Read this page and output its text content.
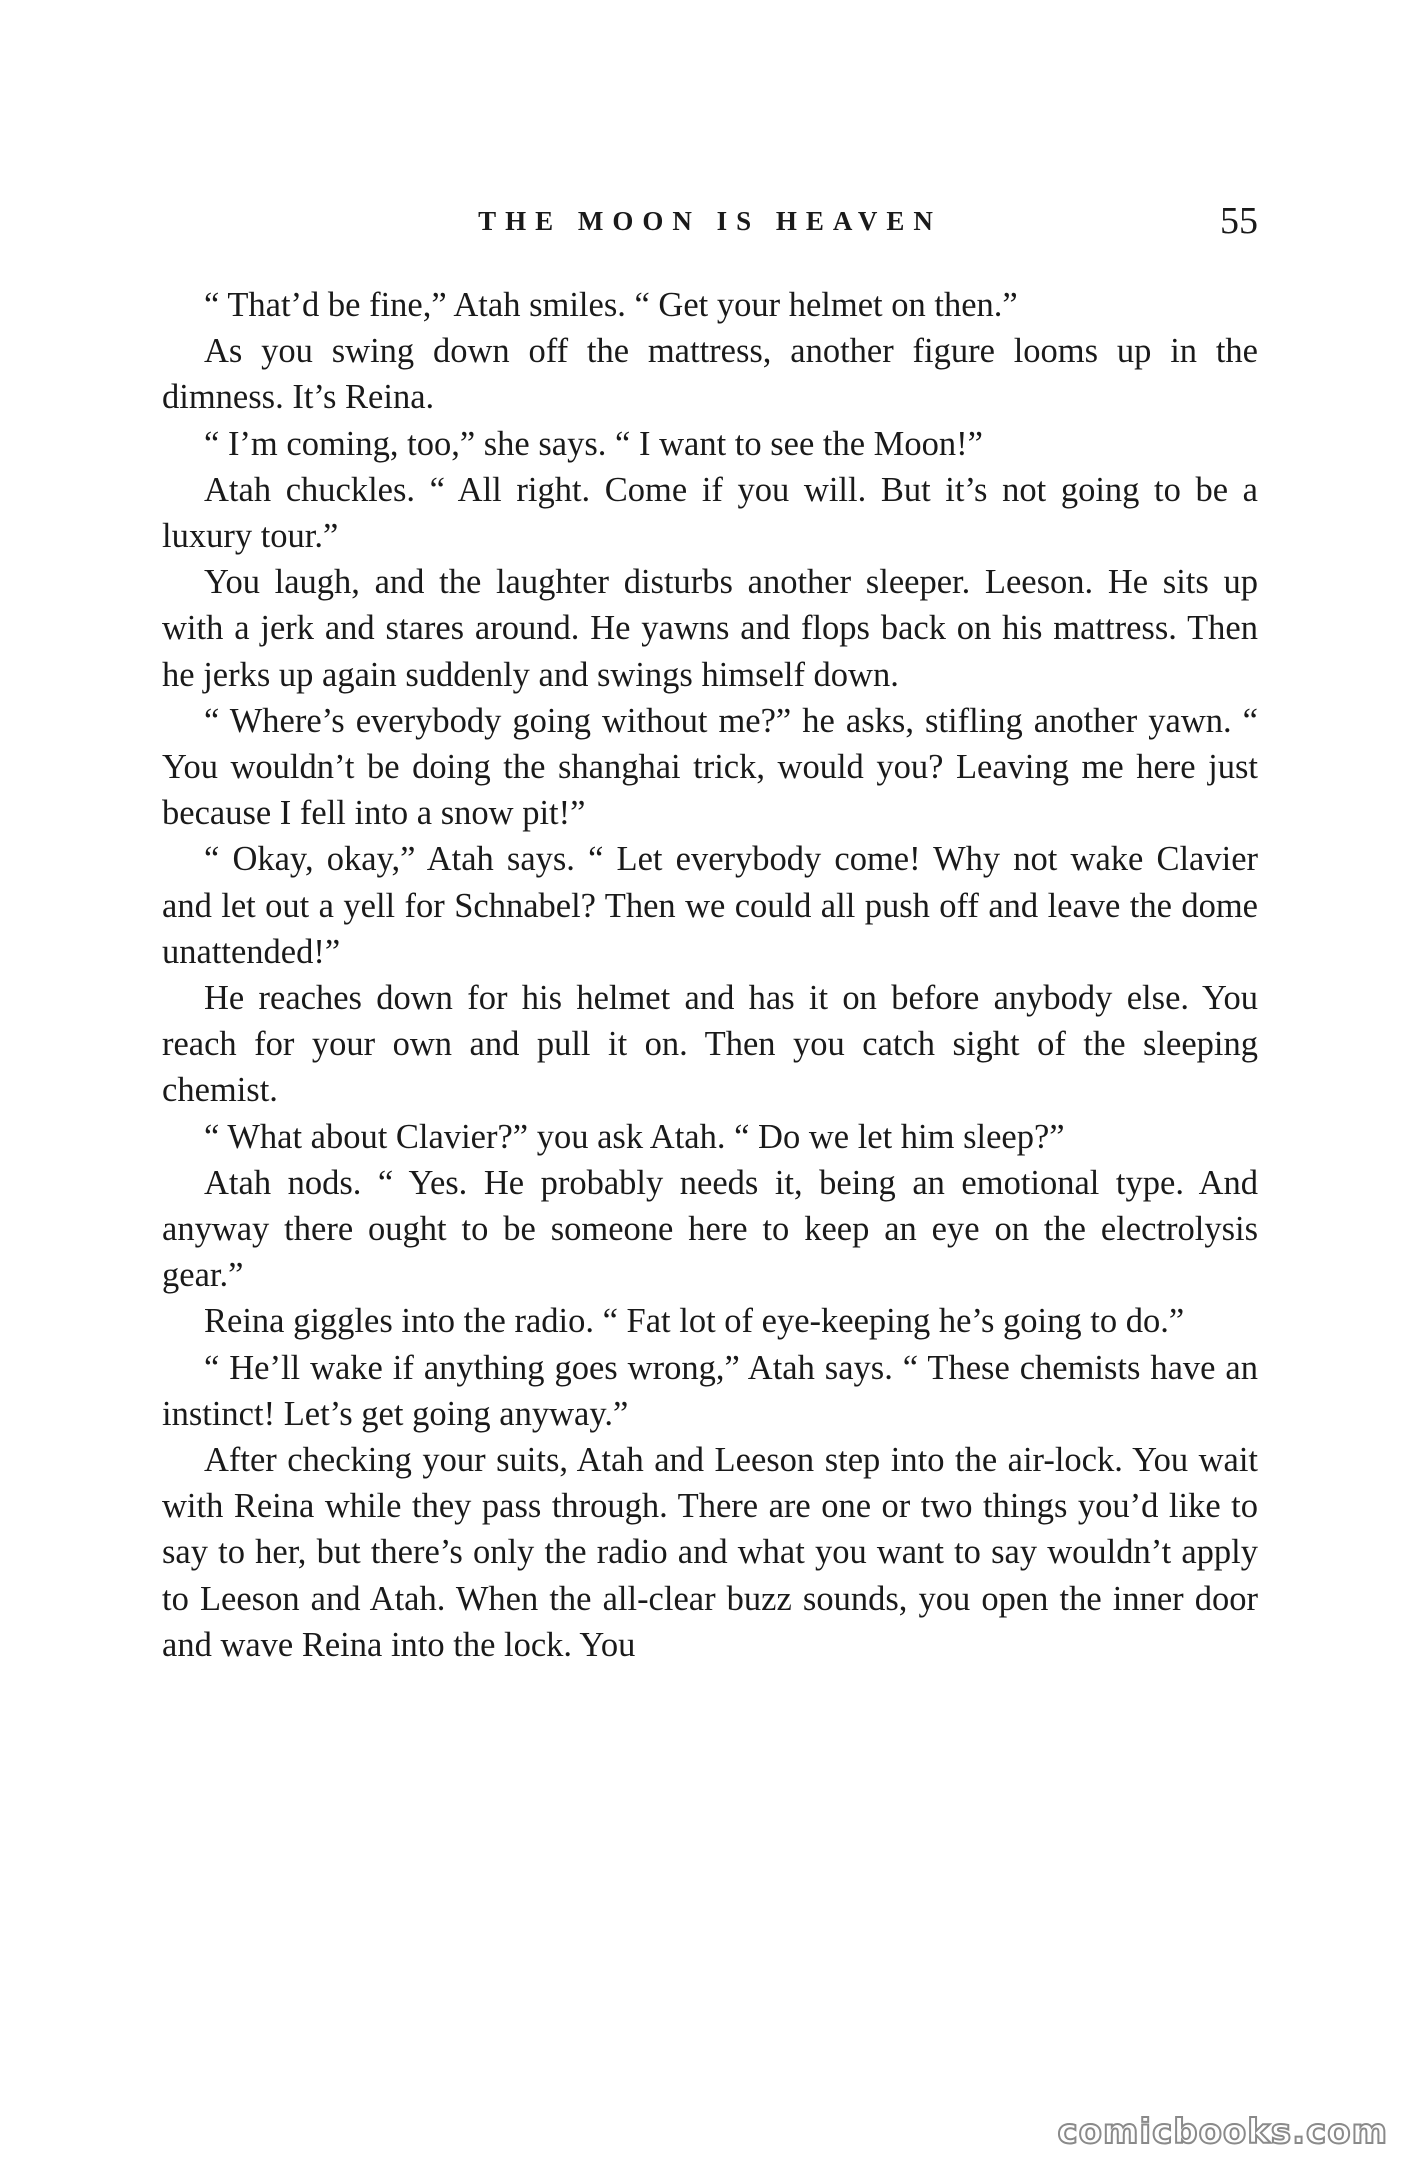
THE MOON IS HEAVEN	55

“ That’d be fine,” Atah smiles. “ Get your helmet on then.”

As you swing down off the mattress, another figure looms up in the dimness. It’s Reina.

“ I’m coming, too,” she says. “ I want to see the Moon!”

Atah chuckles. “ All right. Come if you will. But it’s not going to be a luxury tour.”

You laugh, and the laughter disturbs another sleeper. Leeson. He sits up with a jerk and stares around. He yawns and flops back on his mattress. Then he jerks up again suddenly and swings himself down.

“ Where’s everybody going without me?” he asks, stifling another yawn. “ You wouldn’t be doing the shanghai trick, would you? Leaving me here just because I fell into a snow pit!”

“ Okay, okay,” Atah says. “ Let everybody come! Why not wake Clavier and let out a yell for Schnabel? Then we could all push off and leave the dome unattended!”

He reaches down for his helmet and has it on before anybody else. You reach for your own and pull it on. Then you catch sight of the sleeping chemist.

“ What about Clavier?” you ask Atah. “ Do we let him sleep?”

Atah nods. “ Yes. He probably needs it, being an emotional type. And anyway there ought to be someone here to keep an eye on the electrolysis gear.”

Reina giggles into the radio. “ Fat lot of eye-keeping he’s going to do.”

“ He’ll wake if anything goes wrong,” Atah says. “ These chemists have an instinct! Let’s get going anyway.”

After checking your suits, Atah and Leeson step into the air-lock. You wait with Reina while they pass through. There are one or two things you’d like to say to her, but there’s only the radio and what you want to say wouldn’t apply to Leeson and Atah. When the all-clear buzz sounds, you open the inner door and wave Reina into the lock. You

comicbooks.com
